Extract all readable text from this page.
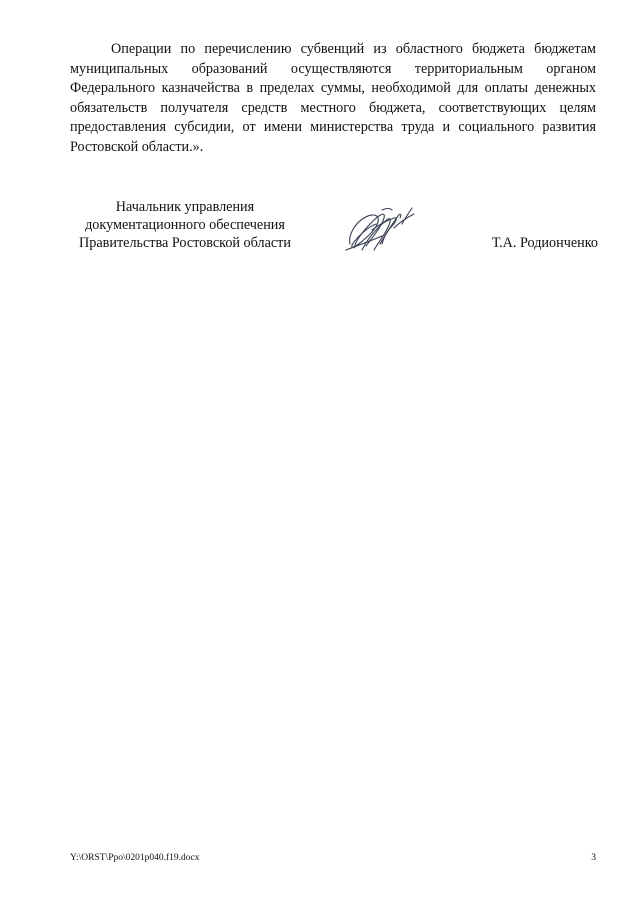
Операции по перечислению субвенций из областного бюджета бюджетам муниципальных образований осуществляются территориальным органом Федерального казначейства в пределах суммы, необходимой для оплаты денежных обязательств получателя средств местного бюджета, соответствующих целям предоставления субсидии, от имени министерства труда и социального развития Ростовской области.».

Начальник управления
документационного обеспечения
Правительства Ростовской области	Т.А. Родионченко
Y:\ORST\Ppo\0201p040.f19.docx	3
